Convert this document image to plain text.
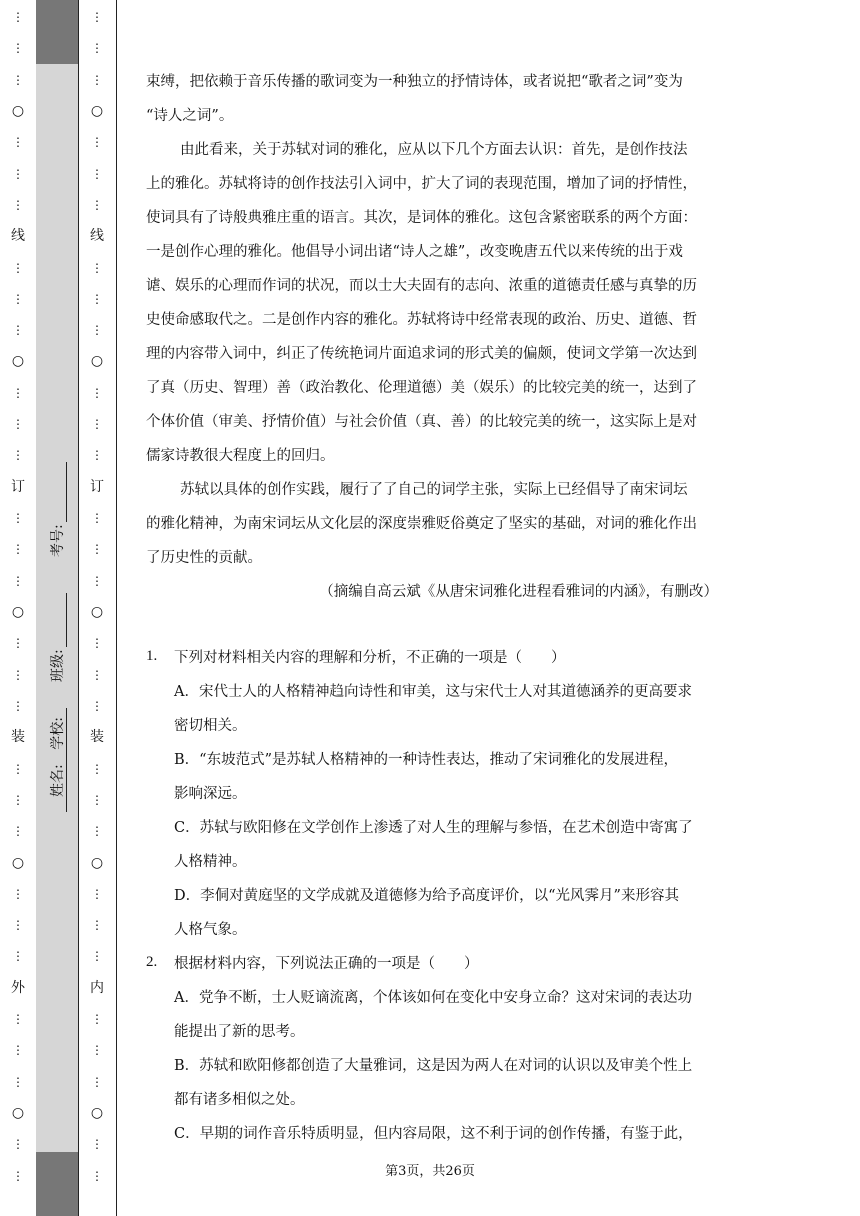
⋮
⋮
⋮
○
⋮
⋮
⋮
线
⋮
⋮
⋮
○
⋮
⋮
⋮
订
⋮
⋮
⋮
○
⋮
⋮
⋮
装
⋮
⋮
⋮
○
⋮
⋮
⋮
外
⋮
⋮
⋮
○
⋮
⋮
考号:
班级:
姓名:
学校:
⋮
⋮
⋮
○
⋮
⋮
⋮
线
⋮
⋮
⋮
○
⋮
⋮
⋮
订
⋮
⋮
⋮
○
⋮
⋮
⋮
装
⋮
⋮
⋮
○
⋮
⋮
⋮
内
⋮
⋮
⋮
○
⋮
⋮
束缚，把依赖于音乐传播的歌词变为一种独立的抒情诗体，或者说把“歌者之词”变为
“诗人之词”。
由此看来，关于苏轼对词的雅化，应从以下几个方面去认识：首先，是创作技法
上的雅化。苏轼将诗的创作技法引入词中，扩大了词的表现范围，增加了词的抒情性，
使词具有了诗般典雅庄重的语言。其次，是词体的雅化。这包含紧密联系的两个方面：
一是创作心理的雅化。他倡导小词出诸“诗人之雄”，改变晚唐五代以来传统的出于戏
谑、娱乐的心理而作词的状况，而以士大夫固有的志向、浓重的道德责任感与真挚的历
史使命感取代之。二是创作内容的雅化。苏轼将诗中经常表现的政治、历史、道德、哲
理的内容带入词中，纠正了传统艳词片面追求词的形式美的偏颇，使词文学第一次达到
了真（历史、智理）善（政治教化、伦理道德）美（娱乐）的比较完美的统一，达到了
个体价值（审美、抒情价值）与社会价值（真、善）的比较完美的统一，这实际上是对
儒家诗教很大程度上的回归。
苏轼以具体的创作实践，履行了了自己的词学主张，实际上已经倡导了南宋词坛
的雅化精神，为南宋词坛从文化层的深度崇雅贬俗奠定了坚实的基础，对词的雅化作出
了历史性的贡献。
（摘编自高云斌《从唐宋词雅化进程看雅词的内涵》，有删改）
1. 下列对材料相关内容的理解和分析，不正确的一项是（　　）
A．宋代士人的人格精神趋向诗性和审美，这与宋代士人对其道德涵养的更高要求
密切相关。
B．“东坡范式”是苏轼人格精神的一种诗性表达，推动了宋词雅化的发展进程，
影响深远。
C．苏轼与欧阳修在文学创作上渗透了对人生的理解与参悟，在艺术创造中寄寓了
人格精神。
D．李侗对黄庭坚的文学成就及道德修为给予高度评价，以“光风霁月”来形容其
人格气象。
2. 根据材料内容，下列说法正确的一项是（　　）
A．党争不断，士人贬谪流离，个体该如何在变化中安身立命？这对宋词的表达功
能提出了新的思考。
B．苏轼和欧阳修都创造了大量雅词，这是因为两人在对词的认识以及审美个性上
都有诸多相似之处。
C．早期的词作音乐特质明显，但内容局限，这不利于词的创作传播，有鉴于此，
第3页，共26页
